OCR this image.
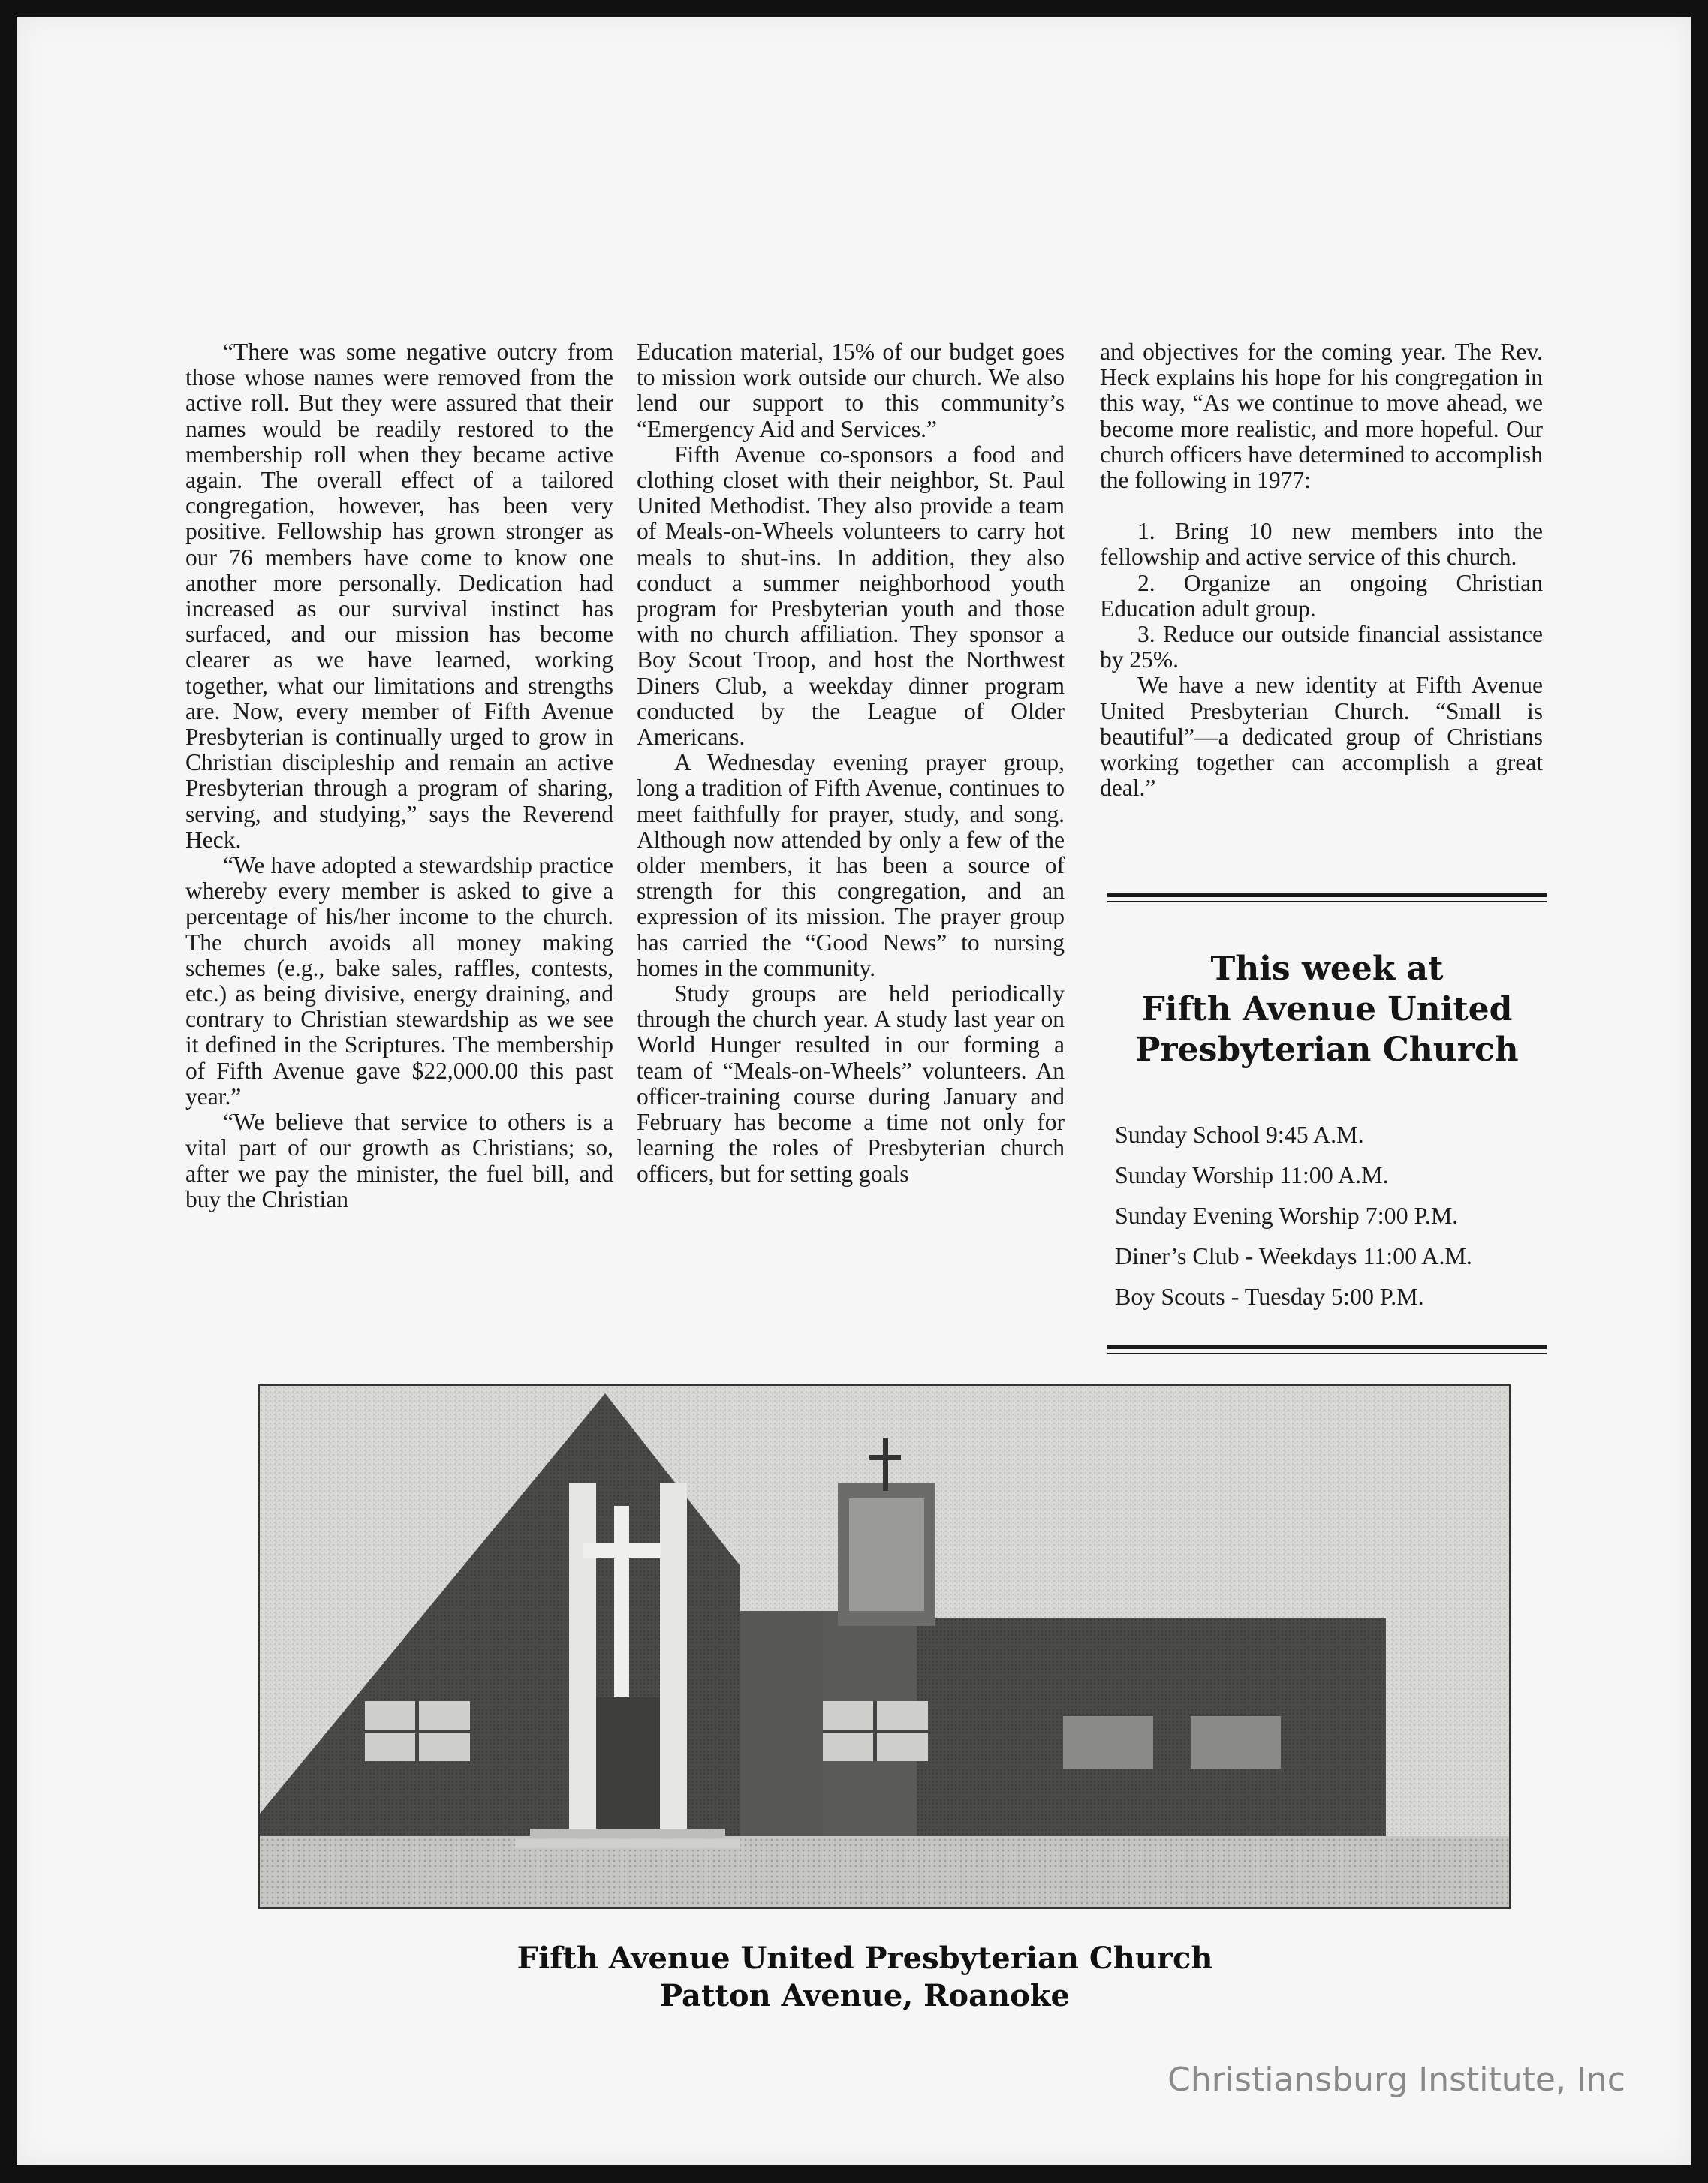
“There was some negative outcry from those whose names were removed from the active roll. But they were assured that their names would be readily restored to the membership roll when they became active again. The overall effect of a tailored congregation, however, has been very positive. Fellowship has grown stronger as our 76 members have come to know one another more personally. Dedication had increased as our survival instinct has surfaced, and our mission has become clearer as we have learned, working together, what our limitations and strengths are. Now, every member of Fifth Avenue Presbyterian is continually urged to grow in Christian discipleship and remain an active Presbyterian through a program of sharing, serving, and studying,” says the Reverend Heck.

“We have adopted a stewardship practice whereby every member is asked to give a percentage of his/her income to the church. The church avoids all money making schemes (e.g., bake sales, raffles, contests, etc.) as being divisive, energy draining, and contrary to Christian stewardship as we see it defined in the Scriptures. The membership of Fifth Avenue gave $22,000.00 this past year.”

“We believe that service to others is a vital part of our growth as Christians; so, after we pay the minister, the fuel bill, and buy the Christian

Education material, 15% of our budget goes to mission work outside our church. We also lend our support to this community’s “Emergency Aid and Services.”

Fifth Avenue co-sponsors a food and clothing closet with their neighbor, St. Paul United Methodist. They also provide a team of Meals-on-Wheels volunteers to carry hot meals to shut-ins. In addition, they also conduct a summer neighborhood youth program for Presbyterian youth and those with no church affiliation. They sponsor a Boy Scout Troop, and host the Northwest Diners Club, a weekday dinner program conducted by the League of Older Americans.

A Wednesday evening prayer group, long a tradition of Fifth Avenue, continues to meet faithfully for prayer, study, and song. Although now attended by only a few of the older members, it has been a source of strength for this congregation, and an expression of its mission. The prayer group has carried the “Good News” to nursing homes in the community.

Study groups are held periodically through the church year. A study last year on World Hunger resulted in our forming a team of “Meals-on-Wheels” volunteers. An officer-training course during January and February has become a time not only for learning the roles of Presbyterian church officers, but for setting goals

and objectives for the coming year. The Rev. Heck explains his hope for his congregation in this way, “As we continue to move ahead, we become more realistic, and more hopeful. Our church officers have determined to accomplish the following in 1977:

1. Bring 10 new members into the fellowship and active service of this church.

2. Organize an ongoing Christian Education adult group.

3. Reduce our outside financial assistance by 25%.

We have a new identity at Fifth Avenue United Presbyterian Church. “Small is beautiful”—a dedicated group of Christians working together can accomplish a great deal.”

This week at
Fifth Avenue United
Presbyterian Church
Sunday School 9:45 A.M.
Sunday Worship 11:00 A.M.
Sunday Evening Worship 7:00 P.M.
Diner’s Club - Weekdays 11:00 A.M.
Boy Scouts - Tuesday 5:00 P.M.
Fifth Avenue United Presbyterian Church
Patton Avenue, Roanoke
Christiansburg Institute, Inc
